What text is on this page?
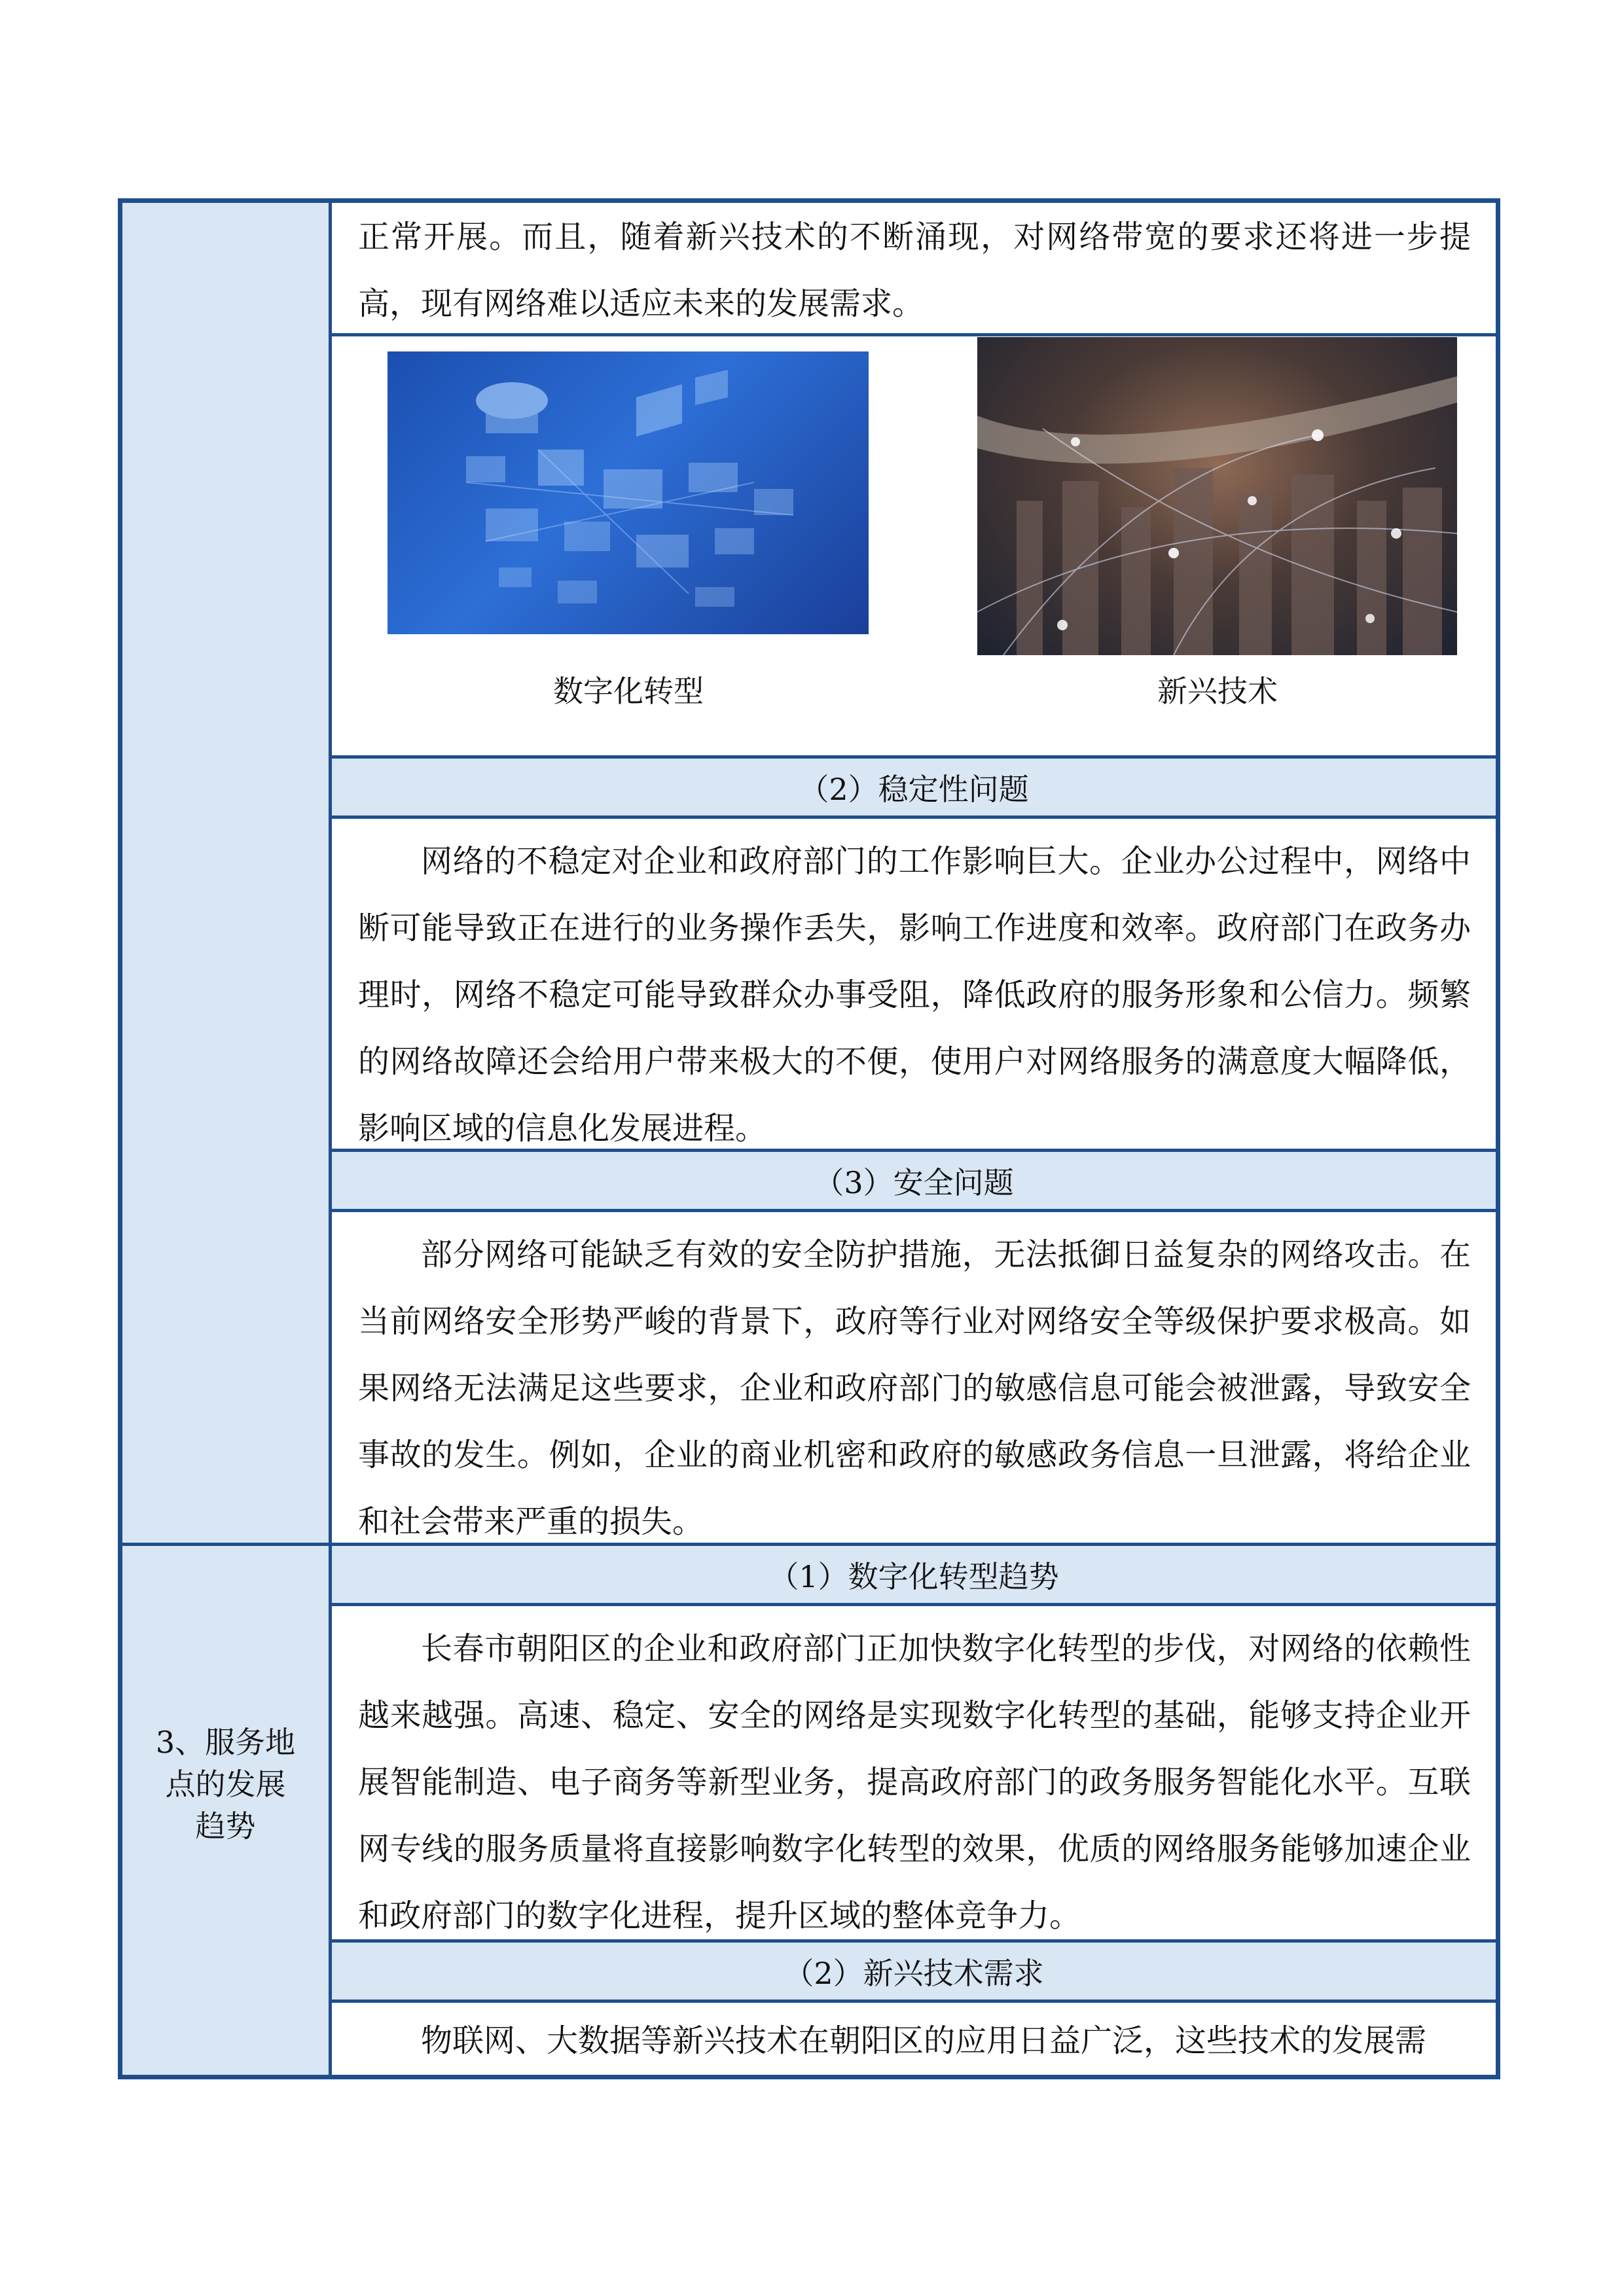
正常开展。而且，随着新兴技术的不断涌现，对网络带宽的要求还将进一步提高，现有网络难以适应未来的发展需求。
数字化转型	新兴技术
（2）稳定性问题
网络的不稳定对企业和政府部门的工作影响巨大。企业办公过程中，网络中断可能导致正在进行的业务操作丢失，影响工作进度和效率。政府部门在政务办理时，网络不稳定可能导致群众办事受阻，降低政府的服务形象和公信力。频繁的网络故障还会给用户带来极大的不便，使用户对网络服务的满意度大幅降低，影响区域的信息化发展进程。
（3）安全问题
部分网络可能缺乏有效的安全防护措施，无法抵御日益复杂的网络攻击。在当前网络安全形势严峻的背景下，政府等行业对网络安全等级保护要求极高。如果网络无法满足这些要求，企业和政府部门的敏感信息可能会被泄露，导致安全事故的发生。例如，企业的商业机密和政府的敏感政务信息一旦泄露，将给企业和社会带来严重的损失。
3、服务地
点的发展
趋势
（1）数字化转型趋势
长春市朝阳区的企业和政府部门正加快数字化转型的步伐，对网络的依赖性越来越强。高速、稳定、安全的网络是实现数字化转型的基础，能够支持企业开展智能制造、电子商务等新型业务，提高政府部门的政务服务智能化水平。互联网专线的服务质量将直接影响数字化转型的效果，优质的网络服务能够加速企业和政府部门的数字化进程，提升区域的整体竞争力。
（2）新兴技术需求
物联网、大数据等新兴技术在朝阳区的应用日益广泛，这些技术的发展需
